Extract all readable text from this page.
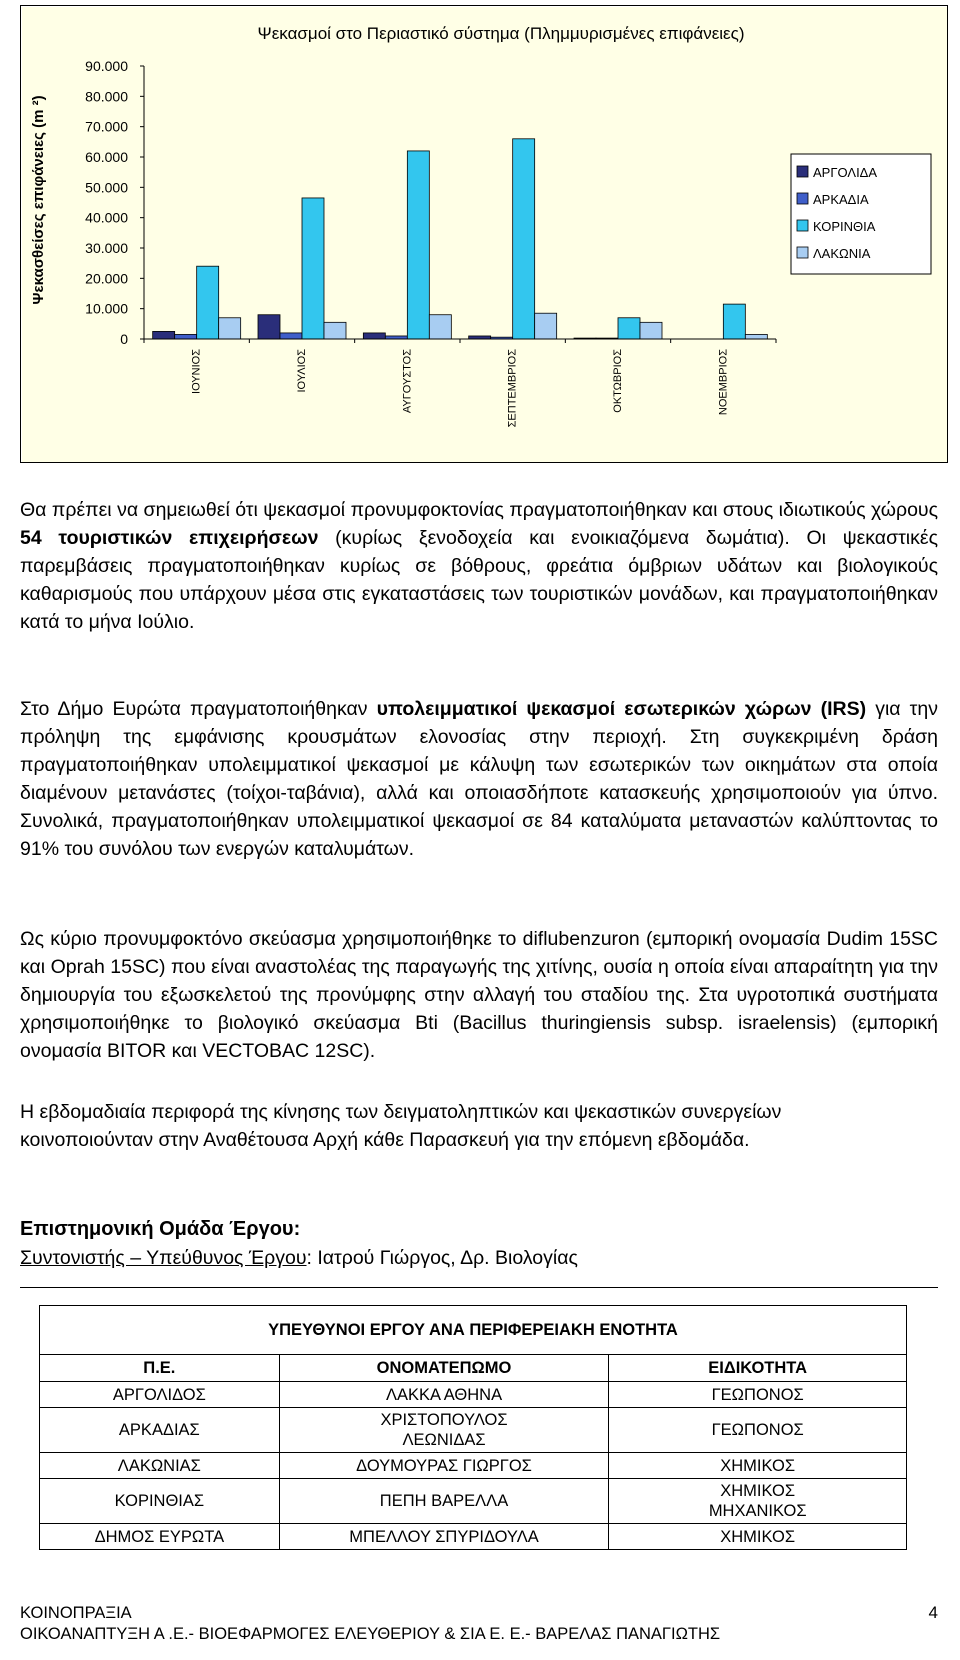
0
10.000
20.000
30.000
40.000
50.000
60.000
70.000
80.000
90.000
ΙΟΥΝΙΟΣ	ΙΟΥΛΙΟΣ	ΑΥΓΟΥΣΤΟΣ	ΣΕΠΤΕΜΒΡΙΟΣ	ΟΚΤΩΒΡΙΟΣ	ΝΟΕΜΒΡΙΟΣ
Ψεκασμοί στο Περιαστικό σύστημα (Πλημμυρισμένες επιφάνειες)
Ψεκασθείσες επιφάνειες (m ²)	ΑΡΓΟΛΙΔΑ
ΑΡΚΑΔΙΑ
ΚΟΡΙΝΘΙΑ
ΛΑΚΩΝΙΑ
Θα πρέπει να σημειωθεί ότι ψεκασμοί προνυμφοκτονίας πραγματοποιήθηκαν και στους ιδιωτικούς χώρους 54 τουριστικών επιχειρήσεων (κυρίως ξενοδοχεία και ενοικιαζόμενα δωμάτια). Οι ψεκαστικές παρεμβάσεις πραγματοποιήθηκαν κυρίως σε βόθρους, φρεάτια όμβριων υδάτων και βιολογικούς καθαρισμούς που υπάρχουν μέσα στις εγκαταστάσεις των τουριστικών μονάδων, και πραγματοποιήθηκαν κατά το μήνα Ιούλιο.
Στο Δήμο Ευρώτα πραγματοποιήθηκαν υπολειμματικοί ψεκασμοί εσωτερικών χώρων (IRS) για την πρόληψη της εμφάνισης κρουσμάτων ελονοσίας στην περιοχή. Στη συγκεκριμένη δράση πραγματοποιήθηκαν υπολειμματικοί ψεκασμοί με κάλυψη των εσωτερικών των οικημάτων στα οποία διαμένουν μετανάστες (τοίχοι-ταβάνια), αλλά και οποιασδήποτε κατασκευής χρησιμοποιούν για ύπνο. Συνολικά, πραγματοποιήθηκαν υπολειμματικοί ψεκασμοί σε 84 καταλύματα μεταναστών καλύπτοντας το 91% του συνόλου των ενεργών καταλυμάτων.
Ως κύριο προνυμφοκτόνο σκεύασμα χρησιμοποιήθηκε το diflubenzuron (εμπορική ονομασία Dudim 15SC και Oprah 15SC) που είναι αναστολέας της παραγωγής της χιτίνης, ουσία η οποία είναι απαραίτητη για την δημιουργία του εξωσκελετού της προνύμφης στην αλλαγή του σταδίου της. Στα υγροτοπικά συστήματα χρησιμοποιήθηκε το βιολογικό σκεύασμα Bti (Bacillus thuringiensis subsp. israelensis) (εμπορική ονομασία BITOR και VECTOBAC 12SC).
Η εβδομαδιαία περιφορά της κίνησης των δειγματοληπτικών και ψεκαστικών συνεργείων κοινοποιούνταν στην Αναθέτουσα Αρχή κάθε Παρασκευή για την επόμενη εβδομάδα.
Επιστημονική Ομάδα Έργου:
Συντονιστής – Υπεύθυνος Έργου: Ιατρού Γιώργος, Δρ. Βιολογίας
ΥΠΕΥΘΥΝΟΙ ΕΡΓΟΥ ΑΝΑ ΠΕΡΙΦΕΡΕΙΑΚΗ ΕΝΟΤΗΤΑ		
Π.Ε.	ΟΝΟΜΑΤΕΠΩΜΟ	ΕΙΔΙΚΟΤΗΤΑ
ΑΡΓΟΛΙΔΟΣ	ΛΑΚΚΑ ΑΘΗΝΑ	ΓΕΩΠΟΝΟΣ
ΑΡΚΑΔΙΑΣ	ΧΡΙΣΤΟΠΟΥΛΟΣ ΛΕΩΝΙΔΑΣ	ΓΕΩΠΟΝΟΣ
ΛΑΚΩΝΙΑΣ	ΔΟΥΜΟΥΡΑΣ ΓΙΩΡΓΟΣ	ΧΗΜΙΚΟΣ
ΚΟΡΙΝΘΙΑΣ	ΠΕΠΗ ΒΑΡΕΛΛΑ	ΧΗΜΙΚΟΣ ΜΗΧΑΝΙΚΟΣ

ΔΗΜΟΣ ΕΥΡΩΤΑ	ΜΠΕΛΛΟΥ ΣΠΥΡΙΔΟΥΛΑ	ΧΗΜΙΚΟΣ
ΚΟΙΝΟΠΡΑΞΙΑ
ΟΙΚΟΑΝΑΠΤΥΞΗ Α .Ε.- ΒΙΟΕΦΑΡΜΟΓΕΣ ΕΛΕΥΘΕΡΙΟΥ & ΣΙΑ Ε. Ε.- ΒΑΡΕΛΑΣ ΠΑΝΑΓΙΩΤΗΣ
4
